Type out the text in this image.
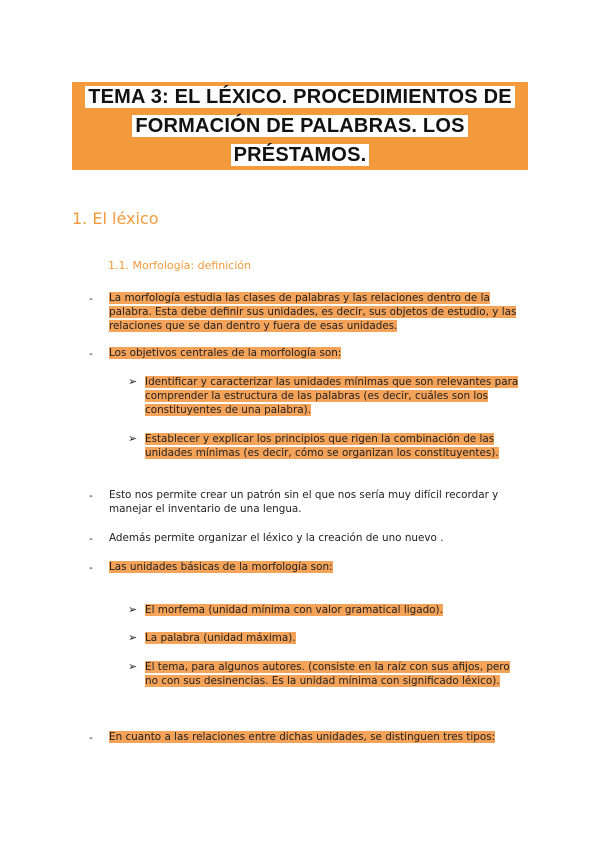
TEMA 3: EL LÉXICO. PROCEDIMIENTOS DE
FORMACIÓN DE PALABRAS. LOS PRÉSTAMOS.
1. El léxico
1.1. Morfología: definición
- La morfología estudia las clases de palabras y las relaciones dentro de la palabra. Esta debe definir sus unidades, es decir, sus objetos de estudio, y las relaciones que se dan dentro y fuera de esas unidades.

- Los objetivos centrales de la morfología son:

➢ Identificar y caracterizar las unidades mínimas que son relevantes para comprender la estructura de las palabras (es decir, cuáles son los constituyentes de una palabra).

➢ Establecer y explicar los principios que rigen la combinación de las unidades mínimas (es decir, cómo se organizan los constituyentes).

- Esto nos permite crear un patrón sin el que nos sería muy difícil recordar y manejar el inventario de una lengua.

- Además permite organizar el léxico y la creación de uno nuevo .

- Las unidades básicas de la morfología son:

➢ El morfema (unidad mínima con valor gramatical ligado).

➢ La palabra (unidad máxima).

➢ El tema, para algunos autores. (consiste en la raíz con sus afijos, pero no con sus desinencias. Es la unidad mínima con significado léxico).

- En cuanto a las relaciones entre dichas unidades, se distinguen tres tipos:
